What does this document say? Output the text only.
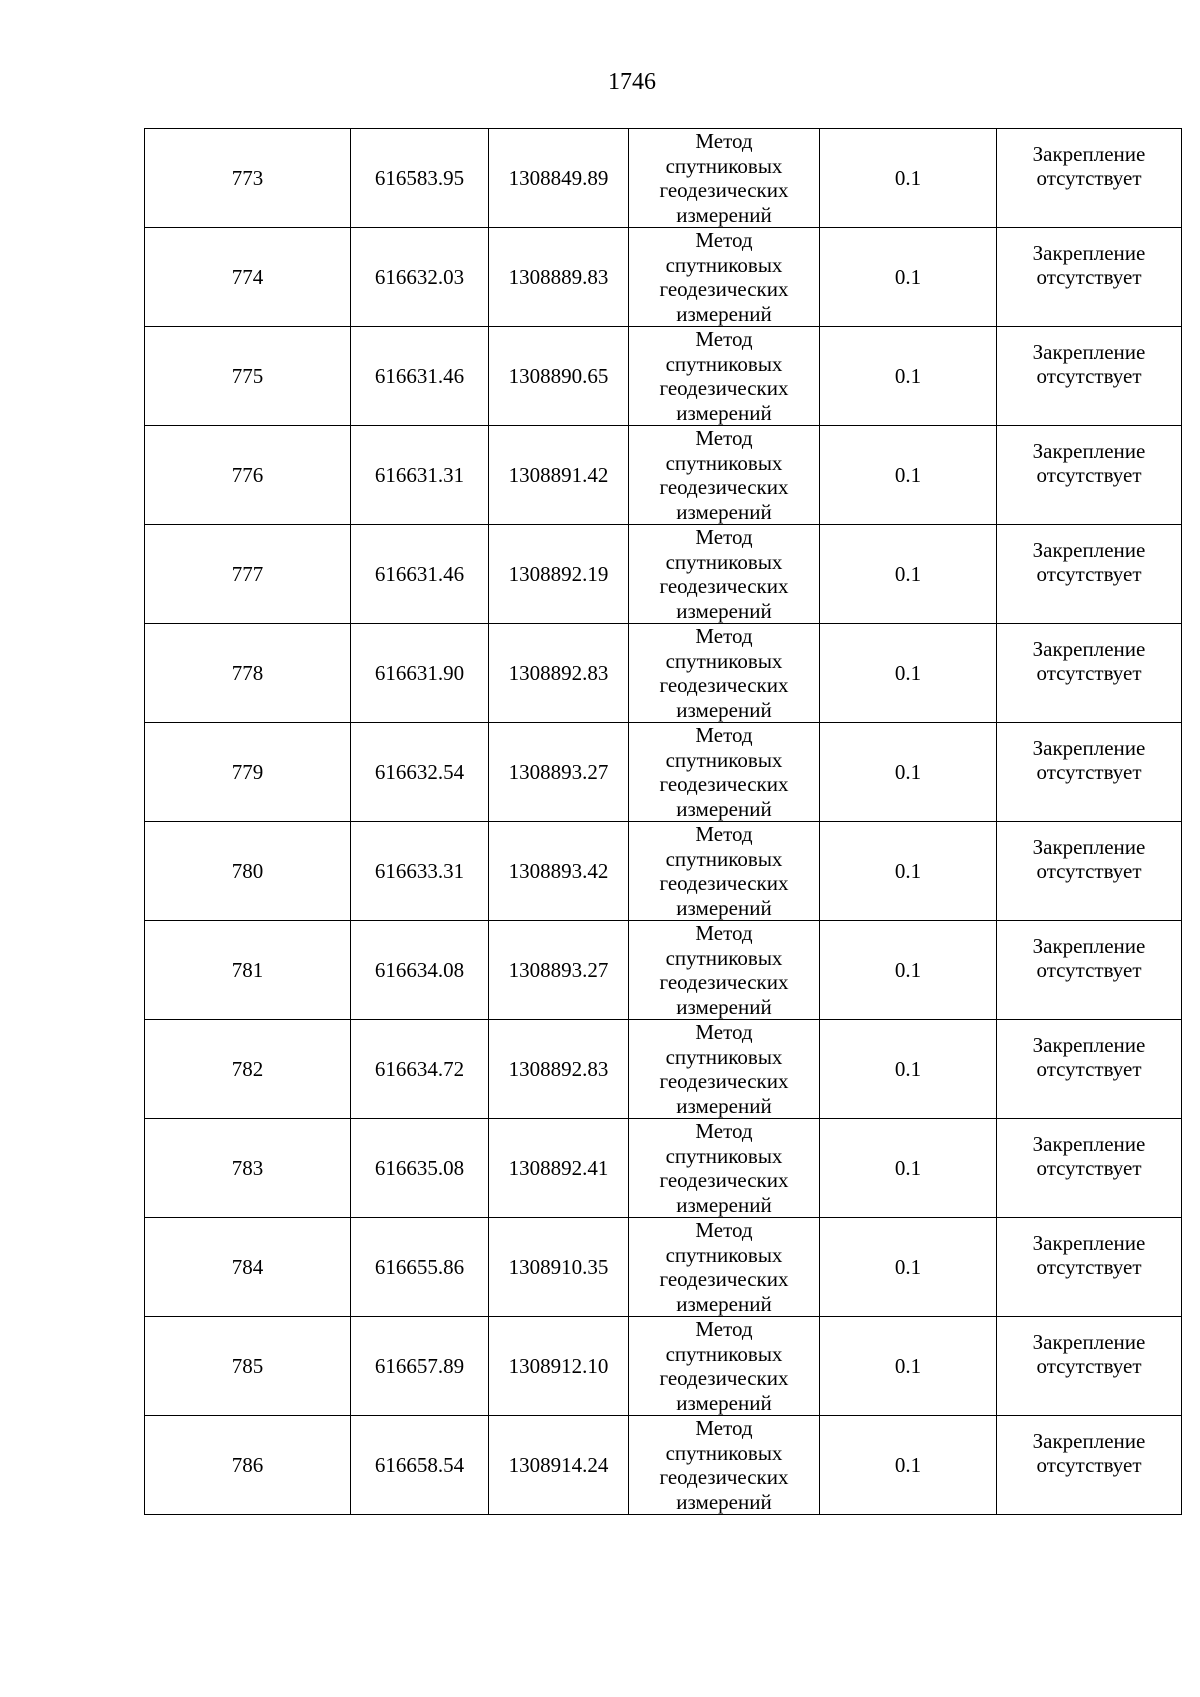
1746
773	616583.95	1308849.89	Метод
спутниковых
геодезических
измерений	0.1	Закрепление
отсутствует

774	616632.03	1308889.83	Метод
спутниковых
геодезических
измерений	0.1	Закрепление
отсутствует

775	616631.46	1308890.65	Метод
спутниковых
геодезических
измерений	0.1	Закрепление
отсутствует

776	616631.31	1308891.42	Метод
спутниковых
геодезических
измерений	0.1	Закрепление
отсутствует

777	616631.46	1308892.19	Метод
спутниковых
геодезических
измерений	0.1	Закрепление
отсутствует

778	616631.90	1308892.83	Метод
спутниковых
геодезических
измерений	0.1	Закрепление
отсутствует

779	616632.54	1308893.27	Метод
спутниковых
геодезических
измерений	0.1	Закрепление
отсутствует

780	616633.31	1308893.42	Метод
спутниковых
геодезических
измерений	0.1	Закрепление
отсутствует

781	616634.08	1308893.27	Метод
спутниковых
геодезических
измерений	0.1	Закрепление
отсутствует

782	616634.72	1308892.83	Метод
спутниковых
геодезических
измерений	0.1	Закрепление
отсутствует

783	616635.08	1308892.41	Метод
спутниковых
геодезических
измерений	0.1	Закрепление
отсутствует

784	616655.86	1308910.35	Метод
спутниковых
геодезических
измерений	0.1	Закрепление
отсутствует

785	616657.89	1308912.10	Метод
спутниковых
геодезических
измерений	0.1	Закрепление
отсутствует

786	616658.54	1308914.24	Метод
спутниковых
геодезических
измерений	0.1	Закрепление
отсутствует
